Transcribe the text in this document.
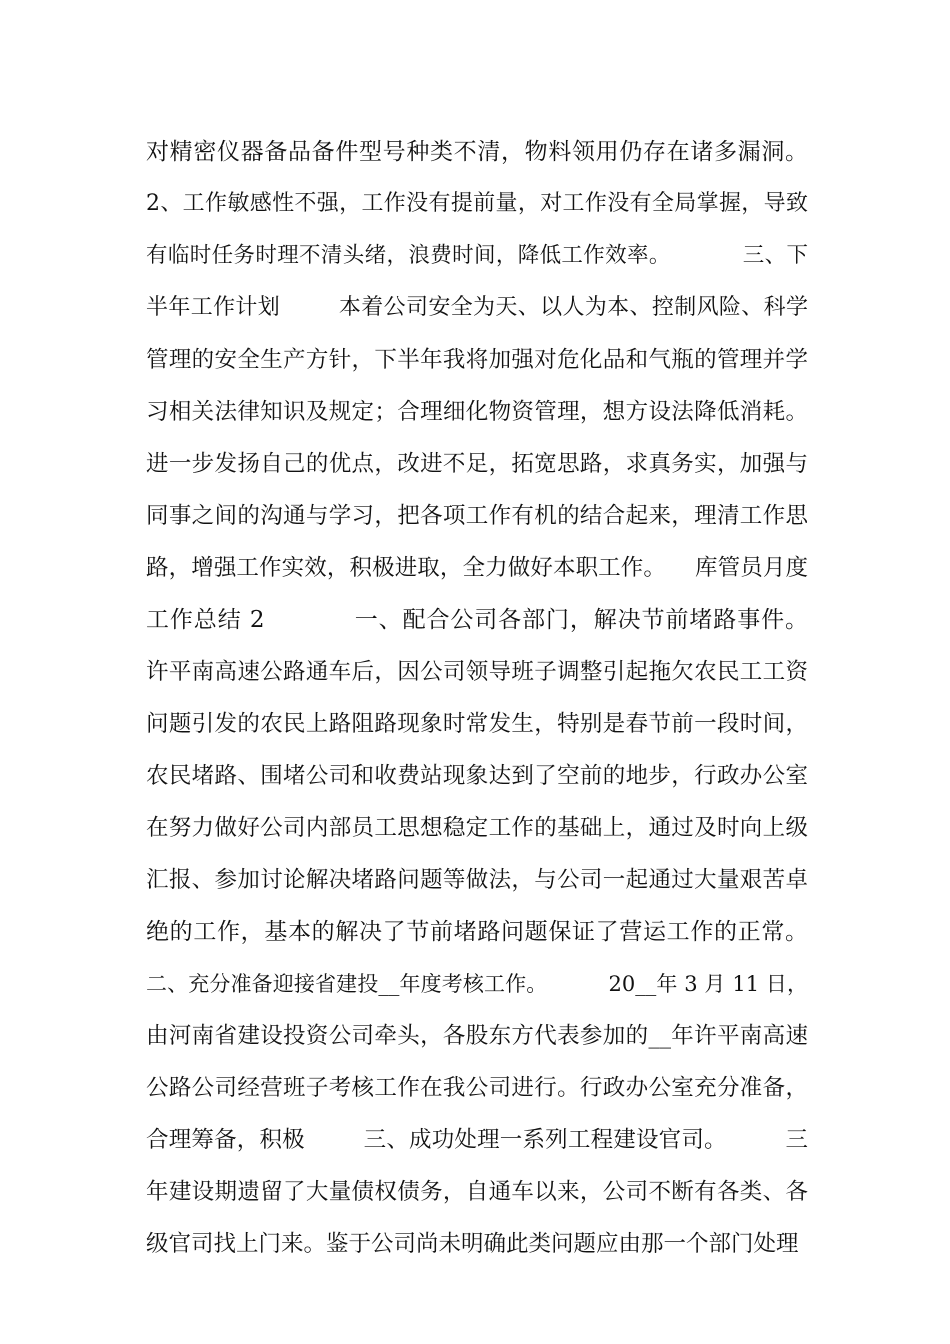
对精密仪器备品备件型号种类不清，物料领用仍存在诸多漏洞。
2、工作敏感性不强，工作没有提前量，对工作没有全局掌握，导致
有临时任务时理不清头绪，浪费时间，降低工作效率。          三、下
半年工作计划        本着公司安全为天、以人为本、控制风险、科学
管理的安全生产方针，下半年我将加强对危化品和气瓶的管理并学
习相关法律知识及规定；合理细化物资管理，想方设法降低消耗。
进一步发扬自己的优点，改进不足，拓宽思路，求真务实，加强与
同事之间的沟通与学习，把各项工作有机的结合起来，理清工作思
路，增强工作实效，积极进取，全力做好本职工作。    库管员月度
工作总结 2           一、配合公司各部门，解决节前堵路事件。
许平南高速公路通车后，因公司领导班子调整引起拖欠农民工工资
问题引发的农民上路阻路现象时常发生，特别是春节前一段时间，
农民堵路、围堵公司和收费站现象达到了空前的地步，行政办公室
在努力做好公司内部员工思想稳定工作的基础上，通过及时向上级
汇报、参加讨论解决堵路问题等做法，与公司一起通过大量艰苦卓
绝的工作，基本的解决了节前堵路问题保证了营运工作的正常。
二、充分准备迎接省建投__年度考核工作。         20__年 3 月 11 日，
由河南省建设投资公司牵头，各股东方代表参加的__年许平南高速
公路公司经营班子考核工作在我公司进行。行政办公室充分准备，
合理筹备，积极        三、成功处理一系列工程建设官司。        三
年建设期遗留了大量债权债务，自通车以来，公司不断有各类、各
级官司找上门来。鉴于公司尚未明确此类问题应由那一个部门处理
